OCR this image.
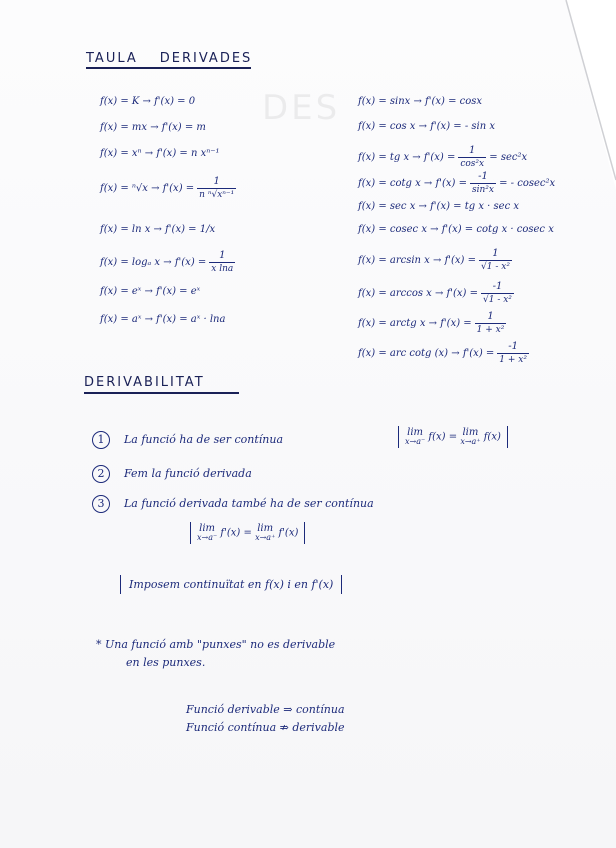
DES
TAULA DERIVADES
f(x) = K → f'(x) = 0
f(x) = mx → f'(x) = m
f(x) = xⁿ → f'(x) = n xⁿ⁻¹
$f(x) = ^n√x \to f'(x) = \frac{1}{\text{n ⁿ√xⁿ⁻¹}}$
f(x) = ln x → f'(x) = 1/x
f(x) = logₐ $x \to f'(x) = \frac{1}{\text{x lna}}$
f(x) = eˣ → f'(x) = eˣ
f(x) = aˣ → f'(x) = aˣ · lna
f(x) = sinx → f'(x) = cosx
f(x) = cos x → f'(x) = - sin x
f(x) = tg $x \to f'(x) = \frac{1}{\text{cos²x}} = \sec^2x$
f(x) = cotg $x \to f'(x) = \frac{-1}{\text{sin²x}}$ = - cosec²x
f(x) = sec x → f'(x) = tg x · sec x
f(x) = cosec x → f'(x) = cotg x · cosec x
$f(x) = \arcsin x \to f'(x) = \frac{1}{\text{√1 - x²}}$
$f(x) = \arccos x \to f'(x) = \frac{-1}{\text{√1 - x²}}$
f(x) = arctg $x \to f'(x) = \frac{1}{\text{1 + x²}}$
f(x) = arc cotg $(x) \to f'(x) = \frac{-1}{\text{1 + x²}}$
DERIVABILITAT
1 La funció ha de ser contínua
2 Fem la funció derivada
3 La funció derivada també ha de ser contínua
lim
x→a⁻ f(x) = lim
x→a⁺ f(x)
lim
x→a⁻ f'(x) = lim
x→a⁺ f'(x)
Imposem continuïtat en f(x) i en f'(x)
* Una funció amb "punxes" no es derivable
en les punxes.
Funció derivable ⇒ contínua
Funció contínua ⇏ derivable
